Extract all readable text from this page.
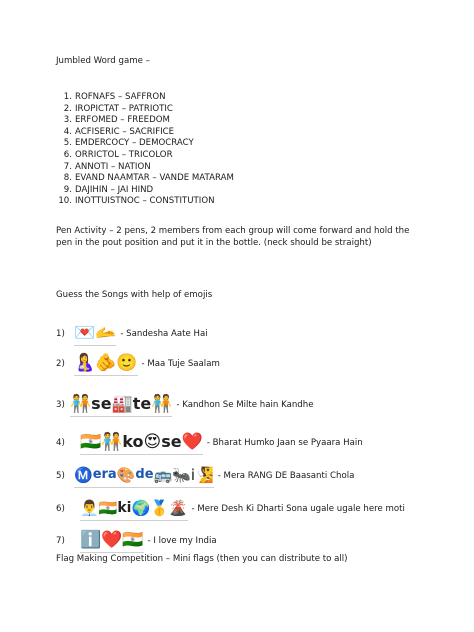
Jumbled Word game –
1. ROFNAFS – SAFFRON
2. IROPICTAT – PATRIOTIC
3. ERFOMED – FREEDOM
4. ACFISERIC – SACRIFICE
5. EMDERCOCY – DEMOCRACY
6. ORRICTOL – TRICOLOR
7. ANNOTI – NATION
8. EVAND NAAMTAR – VANDE MATARAM
9. DAJIHIN – JAI HIND
10. INOTTUISTNOC – CONSTITUTION
Pen Activity – 2 pens, 2 members from each group will come forward and hold the pen in the pout position and put it in the bottle. (neck should be straight)
Guess the Songs with help of emojis
1) 💌🫴 - Sandesha Aate Hai
2) 🤱🫵🙂 - Maa Tuje Saalam
3) 🧑‍🤝‍🧑 se 🏭 te 🧑‍🤝‍🧑 - Kandhon Se Milte hain Kandhe
4) 🇮🇳🧑‍🤝‍🧑 ko 😍 se ❤️ - Bharat Humko Jaan se Pyaara Hain
5) Ⓜ️ era 🎨 de 🚌🐜i🧏 - Mera RANG DE Baasanti Chola
6) 👨‍💼🇮🇳 ki 🌍🥇🌋 - Mere Desh Ki Dharti Sona ugale ugale here moti
7) ℹ️❤️🇮🇳 - I love my India
Flag Making Competition – Mini flags (then you can distribute to all)
